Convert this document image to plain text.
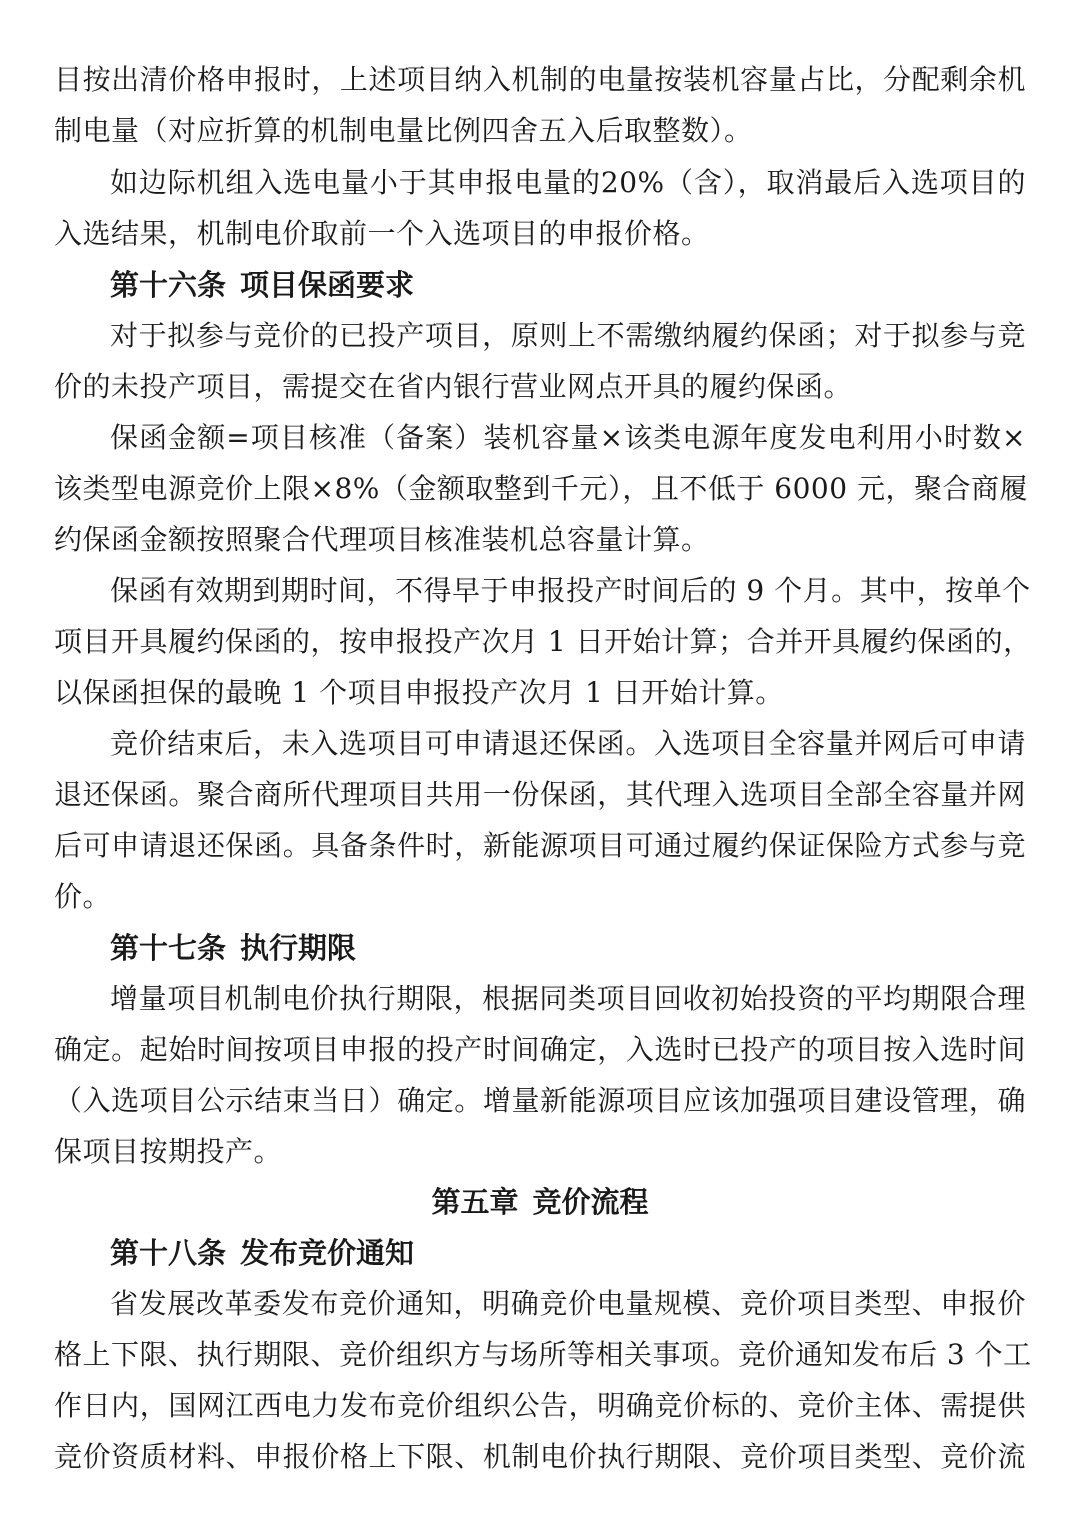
目按出清价格申报时，上述项目纳入机制的电量按装机容量占比，分配剩余机
制电量（对应折算的机制电量比例四舍五入后取整数）。
如边际机组入选电量小于其申报电量的20%（含），取消最后入选项目的
入选结果，机制电价取前一个入选项目的申报价格。
第十六条 项目保函要求
对于拟参与竞价的已投产项目，原则上不需缴纳履约保函；对于拟参与竞
价的未投产项目，需提交在省内银行营业网点开具的履约保函。
保函金额=项目核准（备案）装机容量×该类电源年度发电利用小时数×
该类型电源竞价上限×8%（金额取整到千元），且不低于 6000 元，聚合商履
约保函金额按照聚合代理项目核准装机总容量计算。
保函有效期到期时间，不得早于申报投产时间后的 9 个月。其中，按单个
项目开具履约保函的，按申报投产次月 1 日开始计算；合并开具履约保函的，
以保函担保的最晚 1 个项目申报投产次月 1 日开始计算。
竞价结束后，未入选项目可申请退还保函。入选项目全容量并网后可申请
退还保函。聚合商所代理项目共用一份保函，其代理入选项目全部全容量并网
后可申请退还保函。具备条件时，新能源项目可通过履约保证保险方式参与竞
价。
第十七条 执行期限
增量项目机制电价执行期限，根据同类项目回收初始投资的平均期限合理
确定。起始时间按项目申报的投产时间确定，入选时已投产的项目按入选时间
（入选项目公示结束当日）确定。增量新能源项目应该加强项目建设管理，确
保项目按期投产。
第五章 竞价流程
第十八条 发布竞价通知
省发展改革委发布竞价通知，明确竞价电量规模、竞价项目类型、申报价
格上下限、执行期限、竞价组织方与场所等相关事项。竞价通知发布后 3 个工
作日内，国网江西电力发布竞价组织公告，明确竞价标的、竞价主体、需提供
竞价资质材料、申报价格上下限、机制电价执行期限、竞价项目类型、竞价流
